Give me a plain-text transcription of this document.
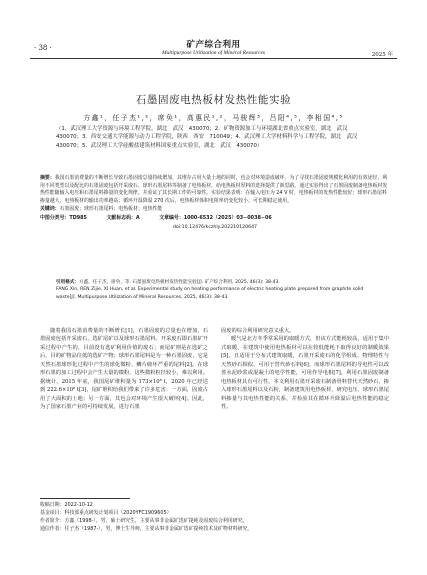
· 38 ·	矿产综合利用
Multipurpose Utilization of Mineral Resources	2025 年
石墨固废电热板材发热性能实验
方鑫¹，任子杰¹,²，席奂¹，高惠民¹,²，马骏辉³，吕阳⁴,⁵，李相国⁴,⁵
（1．武汉理工大学资源与环境工程学院，湖北　武汉　430070；2．矿物资源加工与环境湖北省重点实验室，湖北　武汉　430070；3．西安交通大学能源与动力工程学院，陕西　西安　710049；4．武汉理工大学材料科学与工程学院，湖北　武汉　430070；5．武汉理工大学硅酸盐建筑材料国家重点实验室，湖北　武汉　430070）
摘要：我国石墨消费量的不断增长导致石墨固废总量持续增加，其堆存占用大量土地的同时，也会对环境造成破坏，为了寻找石墨固废规模化利用的有效途径，利用不同类型以及配比的石墨固废包括开采废石、球形石墨尾料等制备了电热板材，给电热板材厚料的选择提供了新思路。通过实验得出了石墨固废制备电热板材发热性能随输入电压和石墨尾料掺量的变化规律，并验证了其长期工作的可靠性。实验结果表明：在输入电压为 24 V 时，电热板材的发热性能较好；球形石墨尾料掺量越大，电热板材的输出功率越高；循环升温降温 270 次后，电热板材体积电阻率仍变化较小，可长期稳定使用。
关键词：石墨固废；球形石墨尾料；电热板材；电热性能
中图分类号：TD985	文献标志码：A	文章编号：1000-6532（2025）03−0038−06
doi:10.12476/kczhly.202210120647
引用格式：方鑫，任子杰，席奂，等. 石墨固废电热板材发热性能实验[J]. 矿产综合利用, 2025, 46(3): 38-43.
FANG Xin, REN Zijie, XI Huan, et al. Experimental study on heating performance of electric heating plate prepared from graphite solid waste[J]. Multipurpose Utilization of Mineral Resources, 2025, 46(3): 38-43.

随着我国石墨消费量的不断增长[1]，石墨固废的总量也在增加，石墨固废包括开采废石、选矿尾矿以及球形石墨尾料。开采废石即石墨矿开采过程中产生的，目前没有选矿利用价值的废石；而尾矿则是在选矿之后，目的矿物品位低的选矿产物；球形石墨尾料是为一种石墨固废，它是天然石墨球形化过程中产生的球化微粉、鳞片破坏严重的尾料[2]。在球形石墨的加工过程中会产生大量的微粉，这些微粉粒径较小，难以利用。据统计，2015 年底，我国尾矿堆积量为 173×10⁸ t，2020 年已经达到 222.6×10⁸ t[3]，尾矿堆积给我们带来了许多危害：一方面，固废占用了大面积的土地；另一方面，其也会对环境产生很大破坏[4]。因此，为了国家石墨产业的可持续发展，进行石墨

固废的综合利用研究意义重大。

暖气是北方冬季常采用的取暖方式，但该方式能耗较高，适用于集中式取暖，在建筑中使用电热板材可以在较低能耗下取得良好的制暖效果[5]，且适用于分布式建筑取暖，石墨开采废石的化学组成、物理特性与天然砂石相似，可用于替代砂石料[6]；而球形石墨尾料的导电性可以改善水泥砂浆或混凝土的电学性能，可用作导电相[7]，利用石墨固废制备电热板材具有可行性。本文利用石墨开采废石制备骨料替代天然砂石，掺入球形石墨尾料以及石粉，制备建筑用电热板材，研究电压、球形石墨尾料掺量与其电热性能的关系，并检验其在循环升降温后电热性能的稳定性。

收稿日期：2022-10-12
基金项目：科技部重点研发计划项目（2020YFC1909605）
作者简介：方鑫（1998-），男，硕士研究生，主要从事非金属矿选矿提纯及固废综合利用研究。
通信作者：任子杰（1987-），男，博士生导师，主要从事非金属矿选矿提纯技术及矿物材料研究。
